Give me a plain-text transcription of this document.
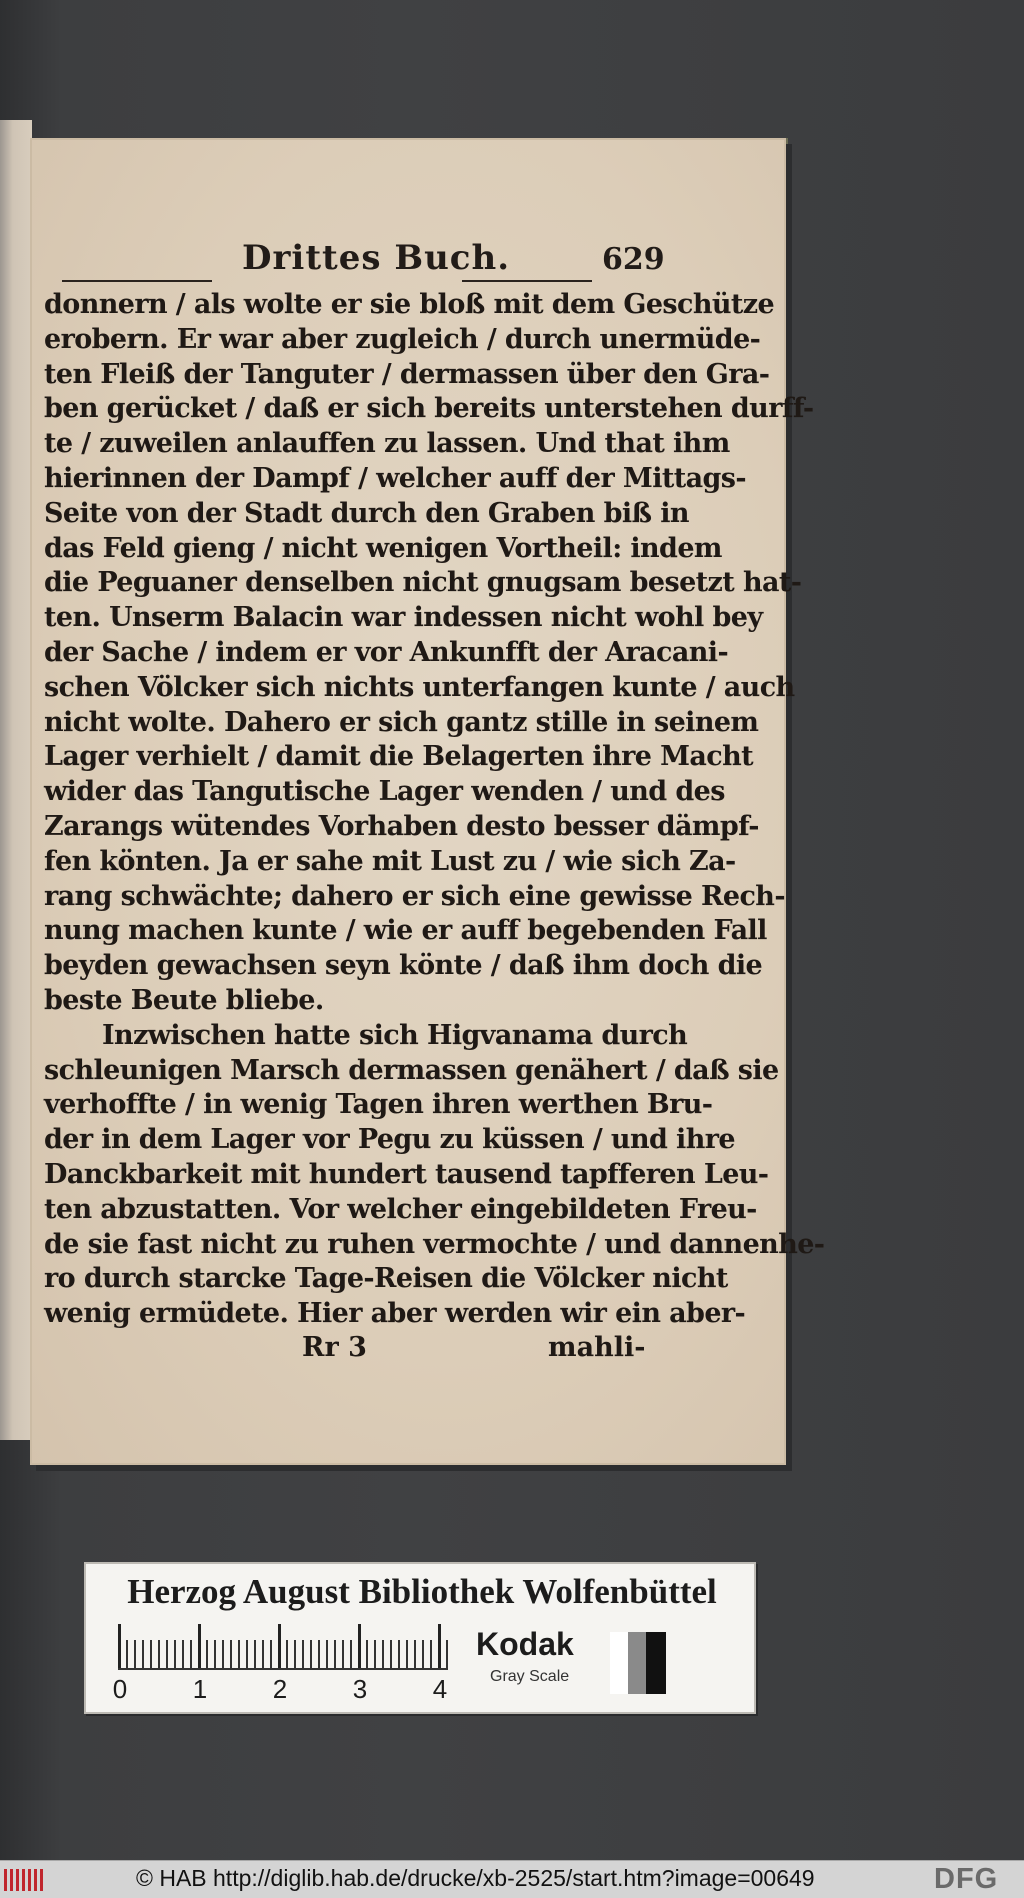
Drittes Buch.	629
donnern / als wolte er sie bloß mit dem Geschütze
erobern. Er war aber zugleich / durch unermüde-
ten Fleiß der Tanguter / dermassen über den Gra-
ben gerücket / daß er sich bereits unterstehen durff-
te / zuweilen anlauffen zu lassen. Und that ihm
hierinnen der Dampf / welcher auff der Mittags-
Seite von der Stadt durch den Graben biß in
das Feld gieng / nicht wenigen Vortheil: indem
die Peguaner denselben nicht gnugsam besetzt hat-
ten. Unserm Balacin war indessen nicht wohl bey
der Sache / indem er vor Ankunfft der Aracani-
schen Völcker sich nichts unterfangen kunte / auch
nicht wolte. Dahero er sich gantz stille in seinem
Lager verhielt / damit die Belagerten ihre Macht
wider das Tangutische Lager wenden / und des
Zarangs wütendes Vorhaben desto besser dämpf-
fen könten. Ja er sahe mit Lust zu / wie sich Za-
rang schwächte; dahero er sich eine gewisse Rech-
nung machen kunte / wie er auff begebenden Fall
beyden gewachsen seyn könte / daß ihm doch die
beste Beute bliebe.
Inzwischen hatte sich Higvanama durch
schleunigen Marsch dermassen genähert / daß sie
verhoffte / in wenig Tagen ihren werthen Bru-
der in dem Lager vor Pegu zu küssen / und ihre
Danckbarkeit mit hundert tausend tapfferen Leu-
ten abzustatten. Vor welcher eingebildeten Freu-
de sie fast nicht zu ruhen vermochte / und dannenhe-
ro durch starcke Tage-Reisen die Völcker nicht
wenig ermüdete. Hier aber werden wir ein aber-
Rr 3	mahli-
Herzog August Bibliothek Wolfenbüttel
0	1	2	3	4
Kodak
Gray Scale
© HAB http://diglib.hab.de/drucke/xb-2525/start.htm?image=00649	DFG
